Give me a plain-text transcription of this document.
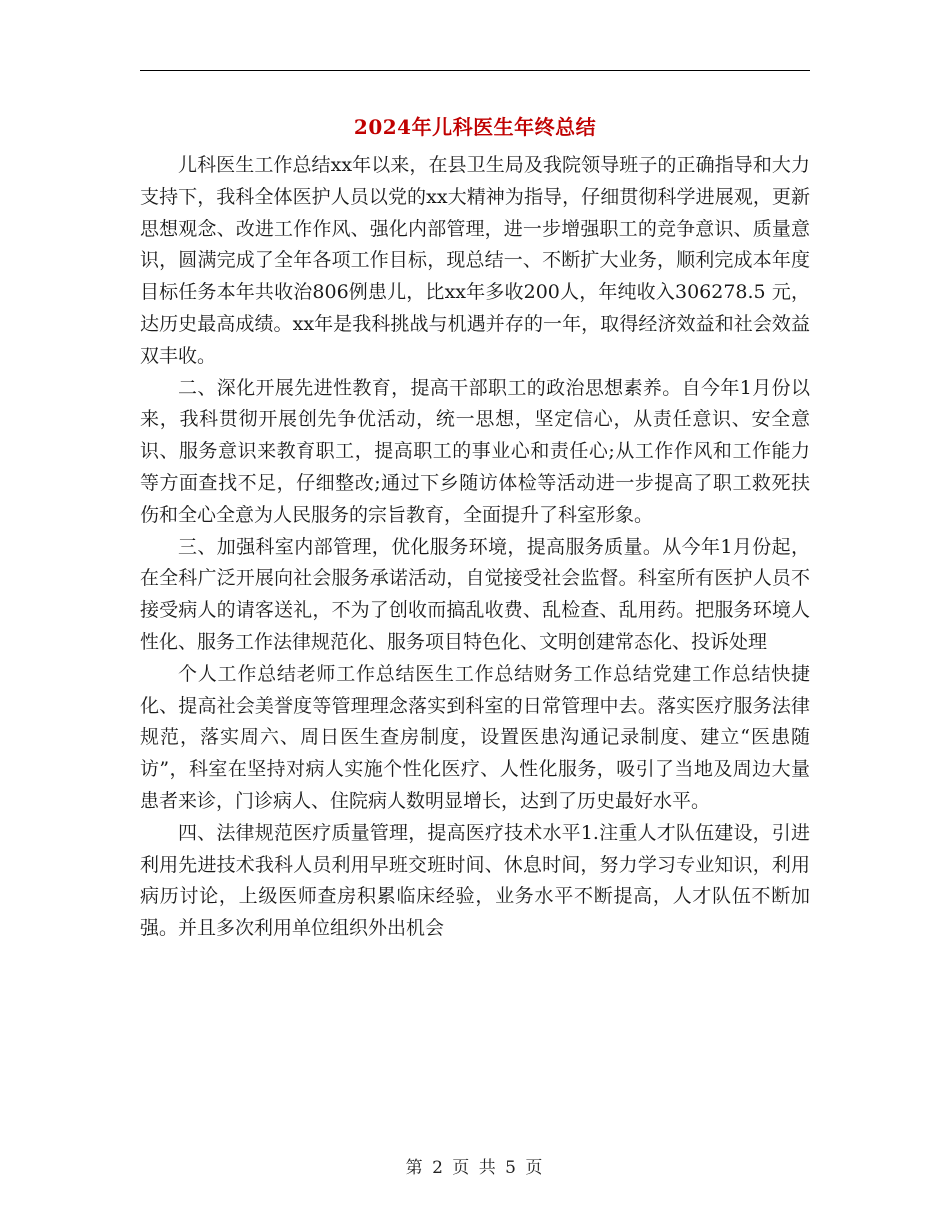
2024年儿科医生年终总结

儿科医生工作总结xx年以来，在县卫生局及我院领导班子的正确指导和大力支持下，我科全体医护人员以党的xx大精神为指导，仔细贯彻科学进展观，更新思想观念、改进工作作风、强化内部管理，进一步增强职工的竞争意识、质量意识，圆满完成了全年各项工作目标，现总结一、不断扩大业务，顺利完成本年度目标任务本年共收治806例患儿，比xx年多收200人，年纯收入306278.5 元，达历史最高成绩。xx年是我科挑战与机遇并存的一年，取得经济效益和社会效益双丰收。

二、深化开展先进性教育，提高干部职工的政治思想素养。自今年1月份以来，我科贯彻开展创先争优活动，统一思想，坚定信心，从责任意识、安全意识、服务意识来教育职工，提高职工的事业心和责任心;从工作作风和工作能力等方面查找不足，仔细整改;通过下乡随访体检等活动进一步提高了职工救死扶伤和全心全意为人民服务的宗旨教育，全面提升了科室形象。

三、加强科室内部管理，优化服务环境，提高服务质量。从今年1月份起，在全科广泛开展向社会服务承诺活动，自觉接受社会监督。科室所有医护人员不接受病人的请客送礼，不为了创收而搞乱收费、乱检查、乱用药。把服务环境人性化、服务工作法律规范化、服务项目特色化、文明创建常态化、投诉处理

个人工作总结老师工作总结医生工作总结财务工作总结党建工作总结快捷化、提高社会美誉度等管理理念落实到科室的日常管理中去。落实医疗服务法律规范，落实周六、周日医生查房制度，设置医患沟通记录制度、建立“医患随访”，科室在坚持对病人实施个性化医疗、人性化服务，吸引了当地及周边大量患者来诊，门诊病人、住院病人数明显增长，达到了历史最好水平。

四、法律规范医疗质量管理，提高医疗技术水平1.注重人才队伍建设，引进利用先进技术我科人员利用早班交班时间、休息时间，努力学习专业知识，利用病历讨论，上级医师查房积累临床经验，业务水平不断提高，人才队伍不断加强。并且多次利用单位组织外出机会

第 2 页 共 5 页
